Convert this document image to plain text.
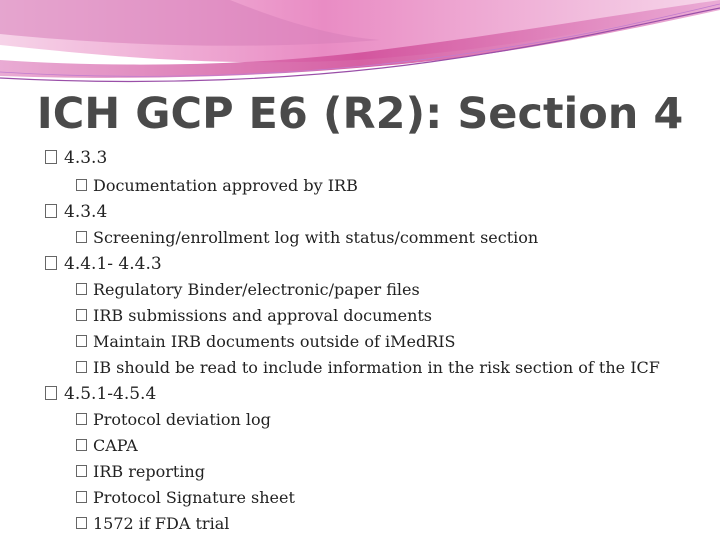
ICH GCP E6 (R2): Section 4
4.3.3
Documentation approved by IRB
4.3.4
Screening/enrollment log with status/comment section
4.4.1- 4.4.3
Regulatory Binder/electronic/paper files
IRB submissions and approval documents
Maintain IRB documents outside of iMedRIS
IB should be read to include information in the risk section of the ICF
4.5.1-4.5.4
Protocol deviation log
CAPA
IRB reporting
Protocol Signature sheet
1572 if FDA trial
